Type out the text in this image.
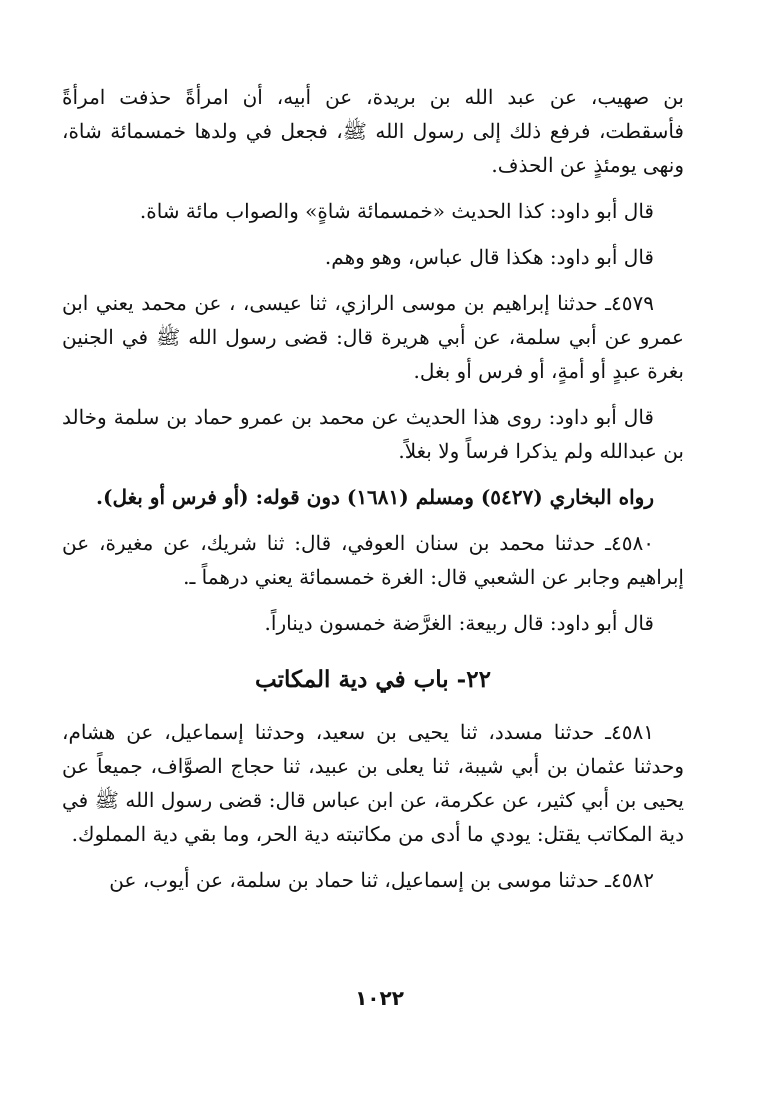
بن صهيب، عن عبد الله بن بريدة، عن أبيه، أن امرأةً حذفت امرأةً فأسقطت، فرفع ذلك إلى رسول الله ﷺ، فجعل في ولدها خمسمائة شاة، ونهى يومئذٍ عن الحذف.

قال أبو داود: كذا الحديث «خمسمائة شاةٍ» والصواب مائة شاة.

قال أبو داود: هكذا قال عباس، وهو وهم.

٤٥٧٩ـ حدثنا إبراهيم بن موسى الرازي، ثنا عيسى، ، عن محمد يعني ابن عمرو عن أبي سلمة، عن أبي هريرة قال: قضى رسول الله ﷺ في الجنين بغرة عبدٍ أو أمةٍ، أو فرس أو بغل.

قال أبو داود: روى هذا الحديث عن محمد بن عمرو حماد بن سلمة وخالد بن عبدالله ولم يذكرا فرساً ولا بغلاً.

رواه البخاري (٥٤٢٧) ومسلم (١٦٨١) دون قوله: (أو فرس أو بغل).

٤٥٨٠ـ حدثنا محمد بن سنان العوفي، قال: ثنا شريك، عن مغيرة، عن إبراهيم وجابر عن الشعبي قال: الغرة خمسمائة يعني درهماً ـ.

قال أبو داود: قال ربيعة: الغرَّضة خمسون ديناراً.

٢٢- باب في دية المكاتب

٤٥٨١ـ حدثنا مسدد، ثنا يحيى بن سعيد، وحدثنا إسماعيل، عن هشام، وحدثنا عثمان بن أبي شيبة، ثنا يعلى بن عبيد، ثنا حجاج الصوَّاف، جميعاً عن يحيى بن أبي كثير، عن عكرمة، عن ابن عباس قال: قضى رسول الله ﷺ في دية المكاتب يقتل: يودي ما أدى من مكاتبته دية الحر، وما بقي دية المملوك.

٤٥٨٢ـ حدثنا موسى بن إسماعيل، ثنا حماد بن سلمة، عن أيوب، عن

١٠٢٢
